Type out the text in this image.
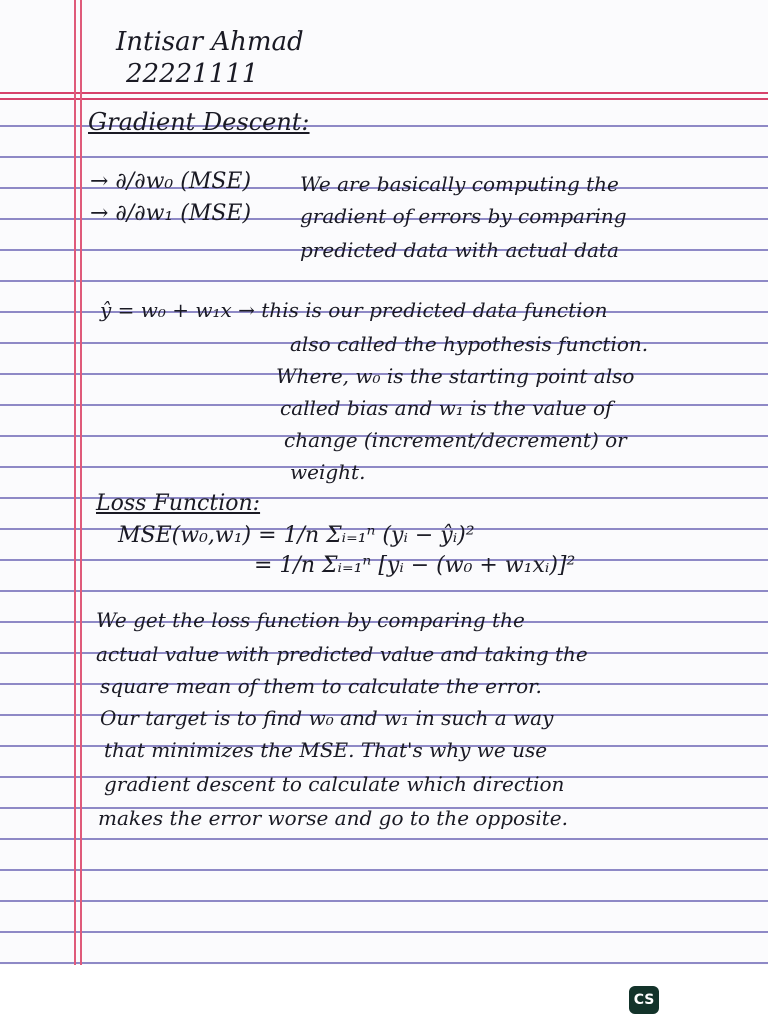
Intisar Ahmad

22221111

Gradient Descent:

→ ∂/∂w₀ (MSE)

→ ∂/∂w₁ (MSE)

We are basically computing the

gradient of errors by comparing

predicted data with actual data

ŷ = w₀ + w₁x → this is our predicted data function

also called the hypothesis function.

Where, w₀ is the starting point also

called bias and w₁ is the value of

change (increment/decrement) or

weight.

Loss Function:

MSE(w₀,w₁) = 1/n Σᵢ₌₁ⁿ (yᵢ − ŷᵢ)²

= 1/n Σᵢ₌₁ⁿ [yᵢ − (w₀ + w₁xᵢ)]²

We get the loss function by comparing the

actual value with predicted value and taking the

square mean of them to calculate the error.

Our target is to find w₀ and w₁ in such a way

that minimizes the MSE. That's why we use

gradient descent to calculate which direction

makes the error worse and go to the opposite.

CS
